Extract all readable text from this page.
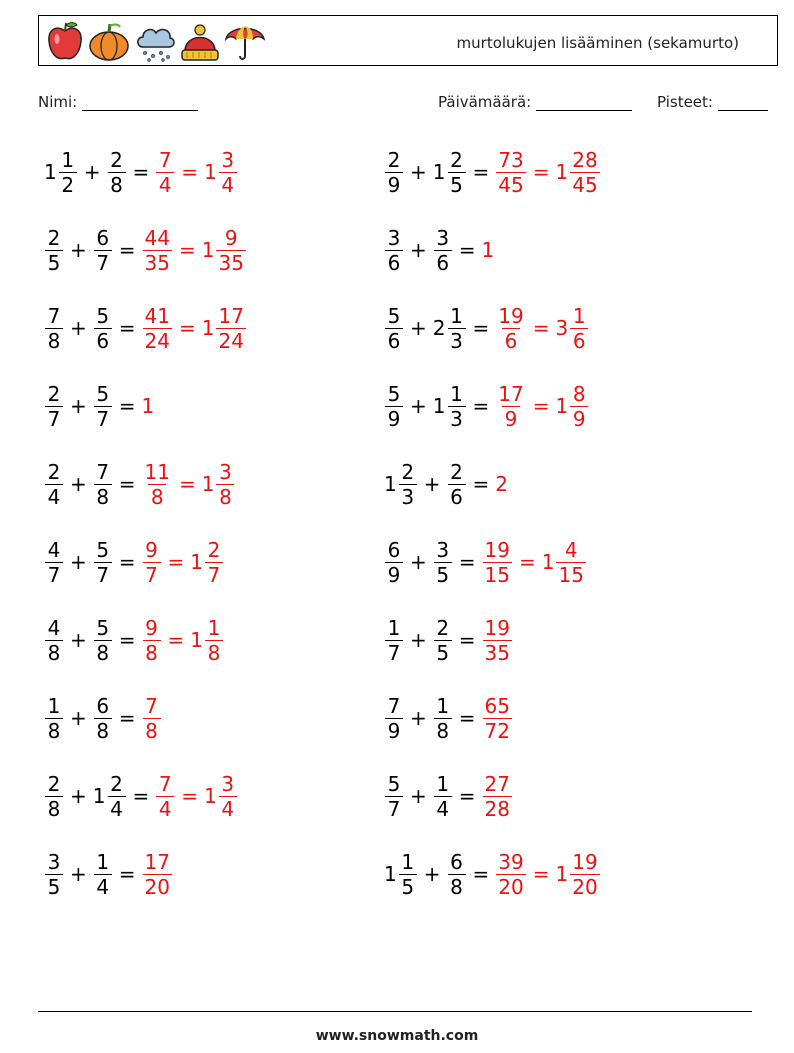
murtolukujen lisääminen (sekamurto)
Nimi:	Päivämäärä:	Pisteet:
$1 \frac{1}{2} + \frac{2}{8} = \frac{7}{4} = 1 \frac{3}{4}$	$\frac{2}{9} + 1 \frac{2}{5} = \frac{73}{45} = 1 \frac{28}{45}$
$\frac{2}{5} + \frac{6}{7} = \frac{44}{35} = 1 \frac{9}{35}$	$\frac{3}{6} + \frac{3}{6} = 1$
$\frac{7}{8} + \frac{5}{6} = \frac{41}{24} = 1 \frac{17}{24}$	$\frac{5}{6} + 2 \frac{1}{3} = \frac{19}{6} = 3 \frac{1}{6}$
$\frac{2}{7} + \frac{5}{7} = 1$	$\frac{5}{9} + 1 \frac{1}{3} = \frac{17}{9} = 1 \frac{8}{9}$
$\frac{2}{4} + \frac{7}{8} = \frac{11}{8} = 1 \frac{3}{8}$	$1 \frac{2}{3} + \frac{2}{6} = 2$
$\frac{4}{7} + \frac{5}{7} = \frac{9}{7} = 1 \frac{2}{7}$	$\frac{6}{9} + \frac{3}{5} = \frac{19}{15} = 1 \frac{4}{15}$
$\frac{4}{8} + \frac{5}{8} = \frac{9}{8} = 1 \frac{1}{8}$	$\frac{1}{7} + \frac{2}{5} = \frac{19}{35}$
$\frac{1}{8} + \frac{6}{8} = \frac{7}{8}$	$\frac{7}{9} + \frac{1}{8} = \frac{65}{72}$
$\frac{2}{8} + 1 \frac{2}{4} = \frac{7}{4} = 1 \frac{3}{4}$	$\frac{5}{7} + \frac{1}{4} = \frac{27}{28}$
$\frac{3}{5} + \frac{1}{4} = \frac{17}{20}$	$1 \frac{1}{5} + \frac{6}{8} = \frac{39}{20} = 1 \frac{19}{20}$
www.snowmath.com
